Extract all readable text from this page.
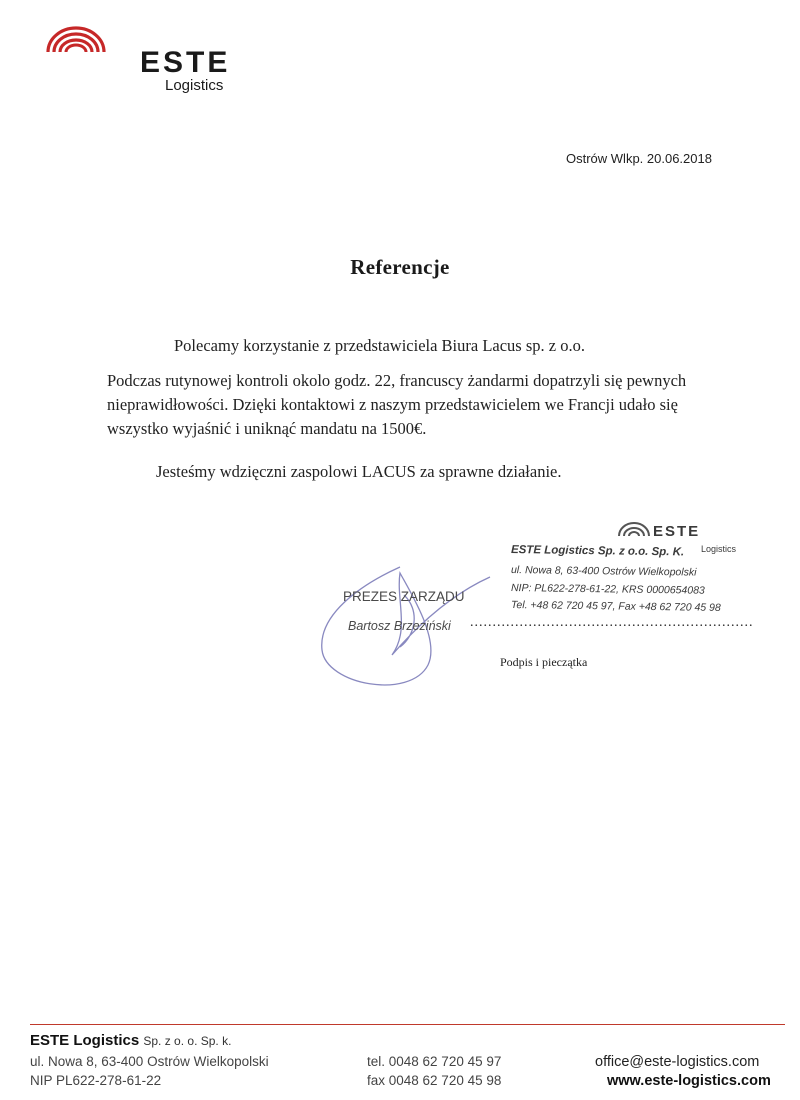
ESTE
Logistics
Ostrów Wlkp. 20.06.2018
Referencje
Polecamy korzystanie z przedstawiciela Biura Lacus sp. z o.o.
Podczas rutynowej kontroli okolo godz. 22, francuscy żandarmi dopatrzyli się pewnych nieprawidłowości. Dzięki kontaktowi z naszym przedstawicielem we Francji udało się wszystko wyjaśnić i uniknąć mandatu na 1500€.
Jesteśmy wdzięczni zaspolowi LACUS za sprawne działanie.
ESTE
Logistics
ESTE Logistics Sp. z o.o. Sp. K.
ul. Nowa 8, 63-400 Ostrów Wielkopolski
NIP: PL622-278-61-22, KRS 0000654083
Tel. +48 62 720 45 97, Fax +48 62 720 45 98
PREZES ZARZĄDU
Bartosz Brzeziński ...............................................................
Podpis i pieczątka
ESTE Logistics Sp. z o. o. Sp. k.
ul. Nowa 8, 63-400 Ostrów Wielkopolski
NIP PL622-278-61-22
tel. 0048 62 720 45 97
fax 0048 62 720 45 98
office@este-logistics.com
www.este-logistics.com
